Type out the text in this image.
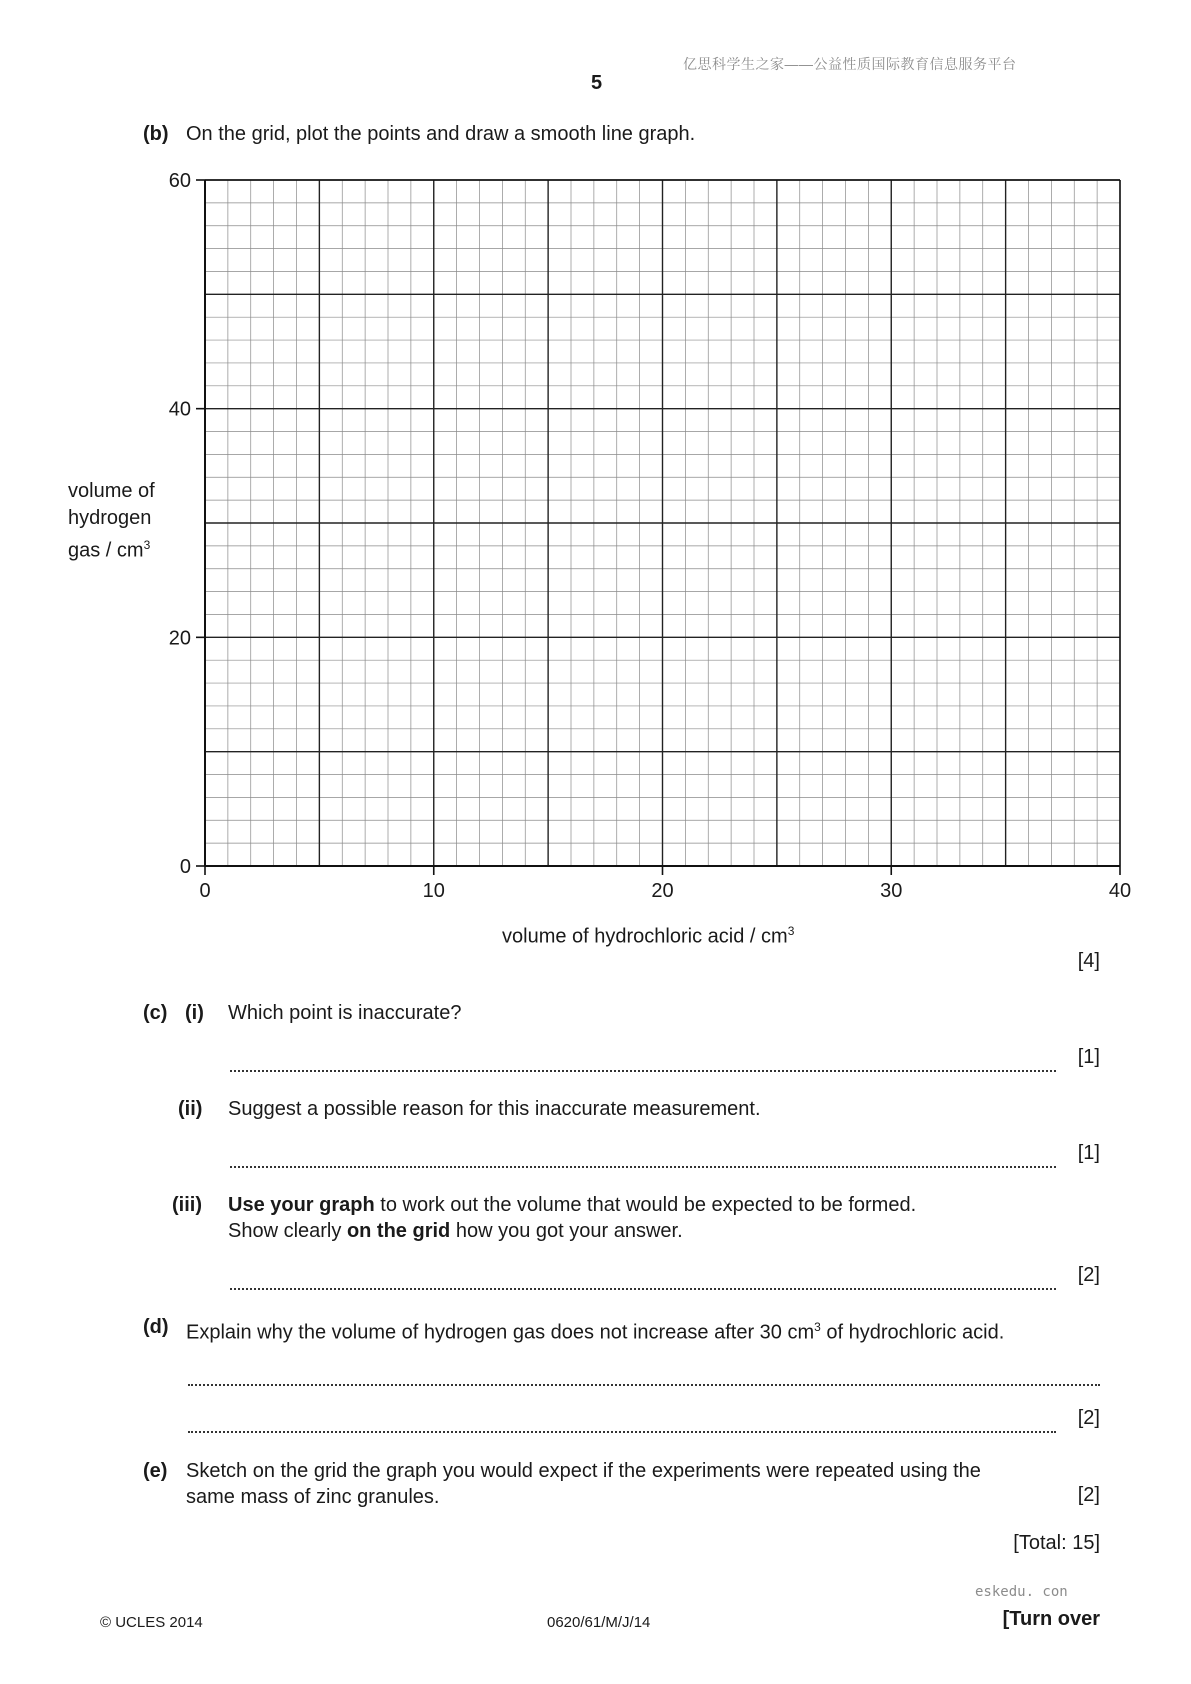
亿思科学生之家——公益性质国际教育信息服务平台
5
(b) On the grid, plot the points and draw a smooth line graph.
0
20
40
60
0	10	20	30	40
volume of
hydrogen
gas / $cm^3$
volume of hydrochloric acid / $cm^3$
[4]
(c) (i) Which point is inaccurate?
[1]
(ii) Suggest a possible reason for this inaccurate measurement.
[1]
(iii) Use your graph to work out the volume that would be expected to be formed.
Show clearly on the grid how you got your answer.
[2]
(d) Explain why the volume of hydrogen gas does not increase after 30 $cm^3$ of hydrochloric acid.
[2]
(e) Sketch on the grid the graph you would expect if the experiments were repeated using the
same mass of zinc granules.	[2]
[Total: 15]
eskedu. con
© UCLES 2014	0620/61/M/J/14	[Turn over
